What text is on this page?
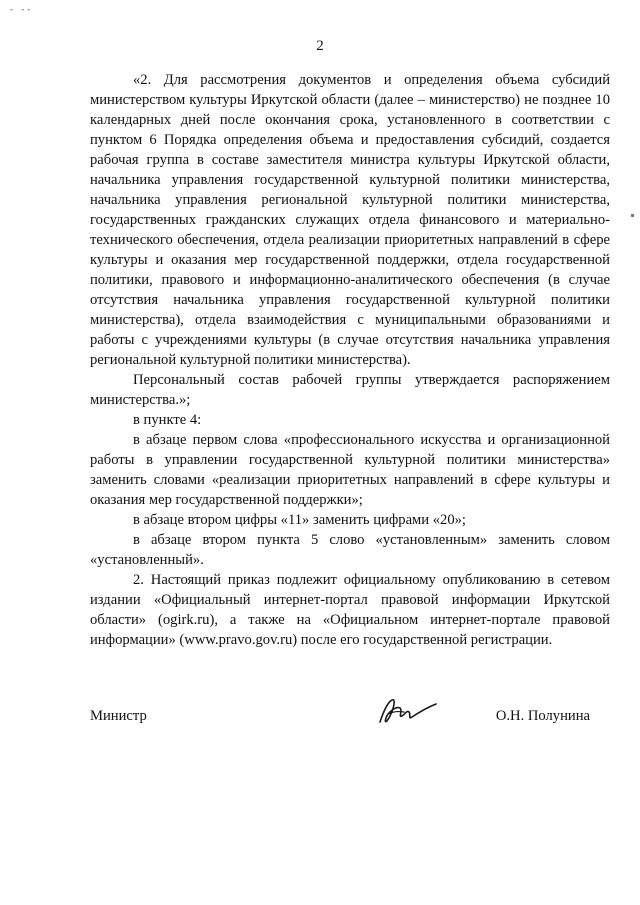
- --
2

«2. Для рассмотрения документов и определения объема субсидий министерством культуры Иркутской области (далее – министерство) не позднее 10 календарных дней после окончания срока, установленного в соответствии с пунктом 6 Порядка определения объема и предоставления субсидий, создается рабочая группа в составе заместителя министра культуры Иркутской области, начальника управления государственной культурной политики министерства, начальника управления региональной культурной политики министерства, государственных гражданских служащих отдела финансового и материально-технического обеспечения, отдела реализации приоритетных направлений в сфере культуры и оказания мер государственной поддержки, отдела государственной политики, правового и информационно-аналитического обеспечения (в случае отсутствия начальника управления государственной культурной политики министерства), отдела взаимодействия с муниципальными образованиями и работы с учреждениями культуры (в случае отсутствия начальника управления региональной культурной политики министерства).

Персональный состав рабочей группы утверждается распоряжением министерства.»;

в пункте 4:

в абзаце первом слова «профессионального искусства и организационной работы в управлении государственной культурной политики министерства» заменить словами «реализации приоритетных направлений в сфере культуры и оказания мер государственной поддержки»;

в абзаце втором цифры «11» заменить цифрами «20»;

в абзаце втором пункта 5 слово «установленным» заменить словом «установленный».

2. Настоящий приказ подлежит официальному опубликованию в сетевом издании «Официальный интернет-портал правовой информации Иркутской области» (ogirk.ru), а также на «Официальном интернет-портале правовой информации» (www.pravo.gov.ru) после его государственной регистрации.

Министр	О.Н. Полунина
